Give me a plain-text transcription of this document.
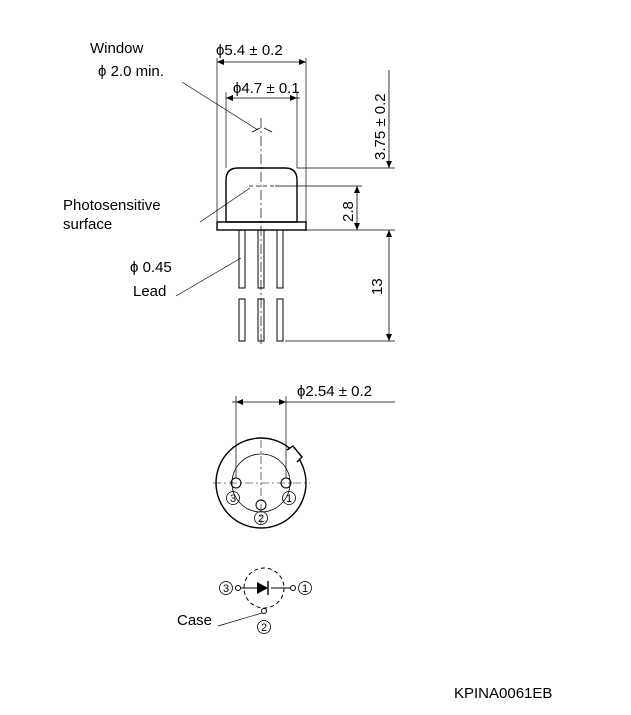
Window
ϕ 2.0 min.
ϕ5.4 ± 0.2
ϕ4.7 ± 0.1
Photosensitive
surface
ϕ 0.45
Lead
3.75 ± 0.2
2.8
13
ϕ2.54 ± 0.2
3	1
2
3	1
2
Case
KPINA0061EB
